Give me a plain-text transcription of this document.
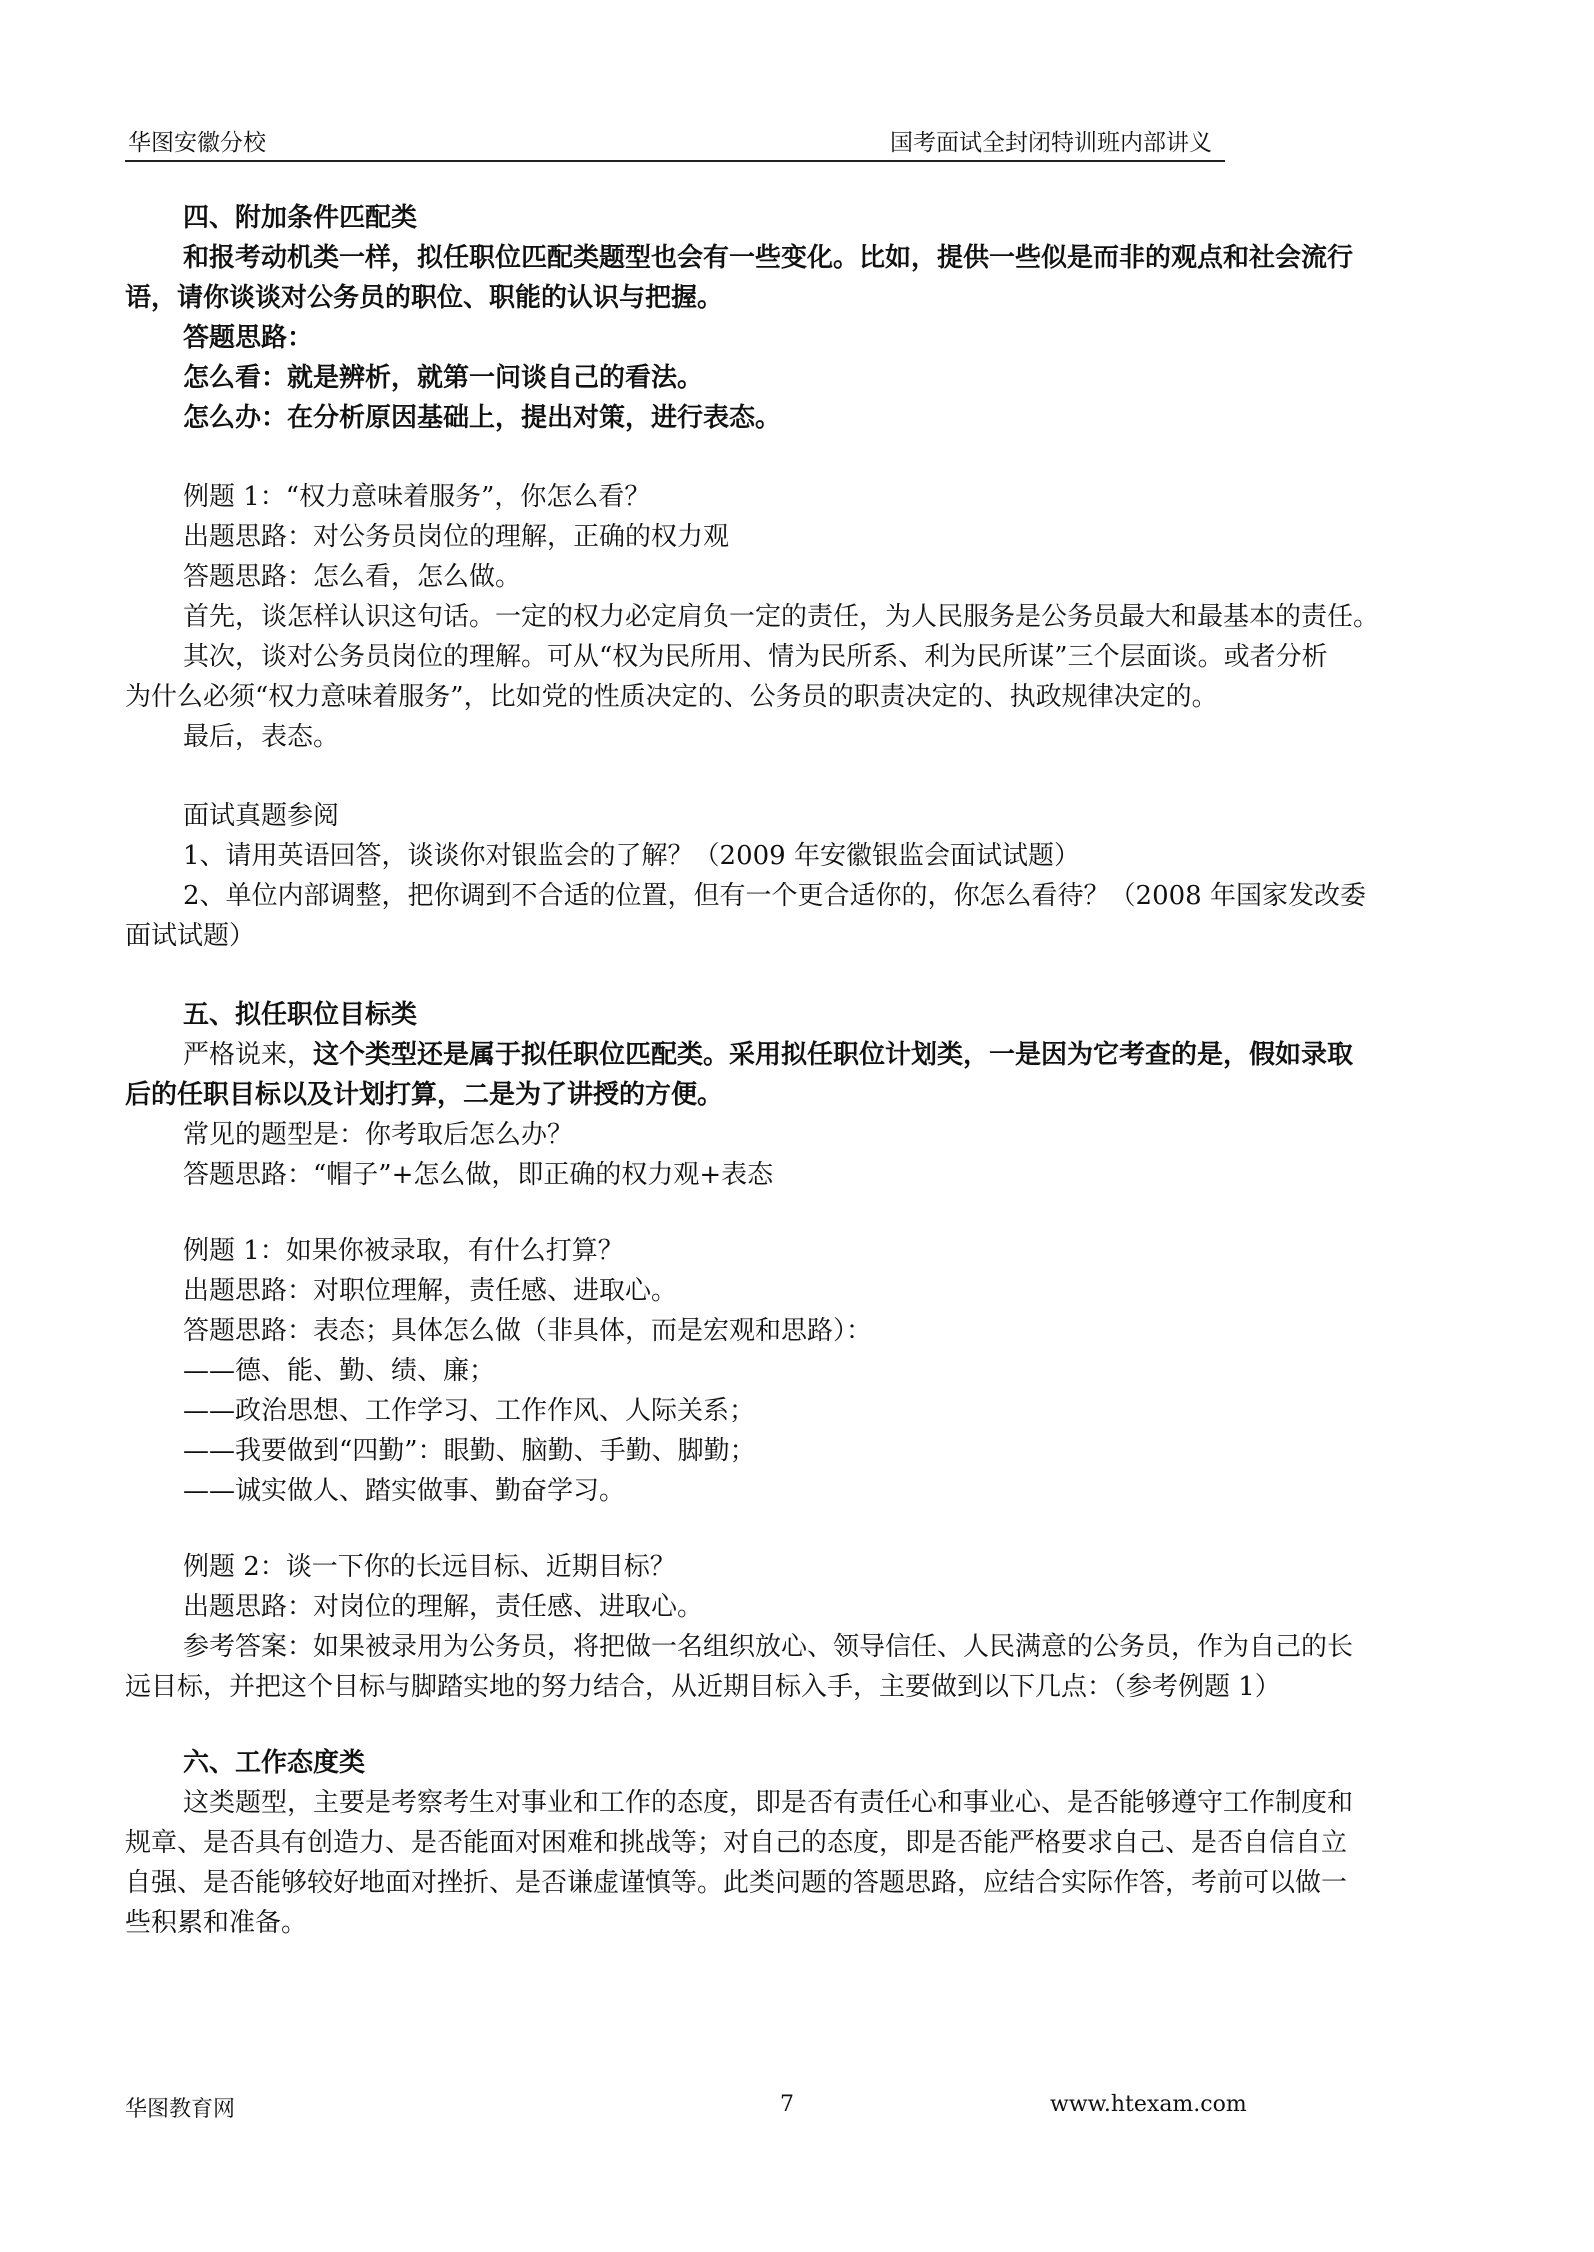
华图安徽分校	国考面试全封闭特训班内部讲义
四、附加条件匹配类
和报考动机类一样，拟任职位匹配类题型也会有一些变化。比如，提供一些似是而非的观点和社会流行
语，请你谈谈对公务员的职位、职能的认识与把握。
答题思路：
怎么看：就是辨析，就第一问谈自己的看法。
怎么办：在分析原因基础上，提出对策，进行表态。
例题 1：“权力意味着服务”，你怎么看？
出题思路：对公务员岗位的理解，正确的权力观
答题思路：怎么看，怎么做。
首先，谈怎样认识这句话。一定的权力必定肩负一定的责任，为人民服务是公务员最大和最基本的责任。
其次，谈对公务员岗位的理解。可从“权为民所用、情为民所系、利为民所谋”三个层面谈。或者分析
为什么必须“权力意味着服务”，比如党的性质决定的、公务员的职责决定的、执政规律决定的。
最后，表态。
面试真题参阅
1、请用英语回答，谈谈你对银监会的了解？（2009 年安徽银监会面试试题）
2、单位内部调整，把你调到不合适的位置，但有一个更合适你的，你怎么看待？（2008 年国家发改委
面试试题）
五、拟任职位目标类
严格说来，这个类型还是属于拟任职位匹配类。采用拟任职位计划类，一是因为它考查的是，假如录取
后的任职目标以及计划打算，二是为了讲授的方便。
常见的题型是：你考取后怎么办？
答题思路：“帽子”+怎么做，即正确的权力观+表态
例题 1：如果你被录取，有什么打算？
出题思路：对职位理解，责任感、进取心。
答题思路：表态；具体怎么做（非具体，而是宏观和思路）：
——德、能、勤、绩、廉；
——政治思想、工作学习、工作作风、人际关系；
——我要做到“四勤”：眼勤、脑勤、手勤、脚勤；
——诚实做人、踏实做事、勤奋学习。
例题 2：谈一下你的长远目标、近期目标？
出题思路：对岗位的理解，责任感、进取心。
参考答案：如果被录用为公务员，将把做一名组织放心、领导信任、人民满意的公务员，作为自己的长
远目标，并把这个目标与脚踏实地的努力结合，从近期目标入手，主要做到以下几点：（参考例题 1）
六、工作态度类
这类题型，主要是考察考生对事业和工作的态度，即是否有责任心和事业心、是否能够遵守工作制度和
规章、是否具有创造力、是否能面对困难和挑战等；对自己的态度，即是否能严格要求自己、是否自信自立
自强、是否能够较好地面对挫折、是否谦虚谨慎等。此类问题的答题思路，应结合实际作答，考前可以做一
些积累和准备。
华图教育网	7	www.htexam.com
